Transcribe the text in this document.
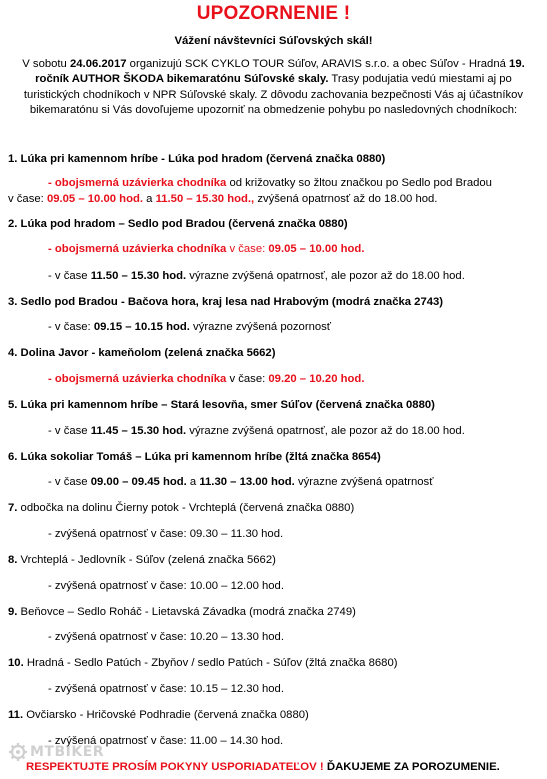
UPOZORNENIE !
Vážení návštevníci Súľovských skál!
V sobotu 24.06.2017 organizujú SCK CYKLO TOUR Súľov, ARAVIS s.r.o. a obec Súľov - Hradná 19. ročník AUTHOR ŠKODA bikemaratónu Súľovské skaly. Trasy podujatia vedú miestami aj po turistických chodníkoch v NPR Súľovské skaly. Z dôvodu zachovania bezpečnosti Vás aj účastníkov bikemaratónu si Vás dovoľujeme upozorniť na obmedzenie pohybu po nasledovných chodníkoch:
1. Lúka pri kamennom hríbe - Lúka pod hradom (červená značka 0880)
- obojsmerná uzávierka chodníka od križovatky so žltou značkou po Sedlo pod Bradou
v čase: 09.05 – 10.00 hod. a 11.50 – 15.30 hod., zvýšená opatrnosť až do 18.00 hod.
2. Lúka pod hradom – Sedlo pod Bradou (červená značka 0880)
- obojsmerná uzávierka chodníka v čase: 09.05 – 10.00 hod.
- v čase 11.50 – 15.30 hod. výrazne zvýšená opatrnosť, ale pozor až do 18.00 hod.
3. Sedlo pod Bradou - Bačova hora, kraj lesa nad Hrabovým (modrá značka 2743)
- v čase: 09.15 – 10.15 hod. výrazne zvýšená pozornosť
4. Dolina Javor - kameňolom (zelená značka 5662)
- obojsmerná uzávierka chodníka v čase: 09.20 – 10.20 hod.
5. Lúka pri kamennom hríbe – Stará lesovňa, smer Súľov (červená značka 0880)
- v čase 11.45 – 15.30 hod. výrazne zvýšená opatrnosť, ale pozor až do 18.00 hod.
6. Lúka sokoliar Tomáš – Lúka pri kamennom hríbe (žltá značka 8654)
- v čase 09.00 – 09.45 hod. a 11.30 – 13.00 hod. výrazne zvýšená opatrnosť
7. odbočka na dolinu Čierny potok - Vrchteplá (červená značka 0880)
- zvýšená opatrnosť v čase: 09.30 – 11.30 hod.
8. Vrchteplá - Jedlovník - Súľov (zelená značka 5662)
- zvýšená opatrnosť v čase: 10.00 – 12.00 hod.
9. Beňovce – Sedlo Roháč - Lietavská Závadka (modrá značka 2749)
- zvýšená opatrnosť v čase: 10.20 – 13.30 hod.
10. Hradná - Sedlo Patúch - Zbyňov / sedlo Patúch - Súľov (žltá značka 8680)
- zvýšená opatrnosť v čase: 10.15 – 12.30 hod.
11. Ovčiarsko - Hričovské Podhradie (červená značka 0880)
- zvýšená opatrnosť v čase: 11.00 – 14.30 hod.
MTBIKER
RESPEKTUJTE PROSÍM POKYNY USPORIADATEĽOV ! ĎAKUJEME ZA POROZUMENIE.
